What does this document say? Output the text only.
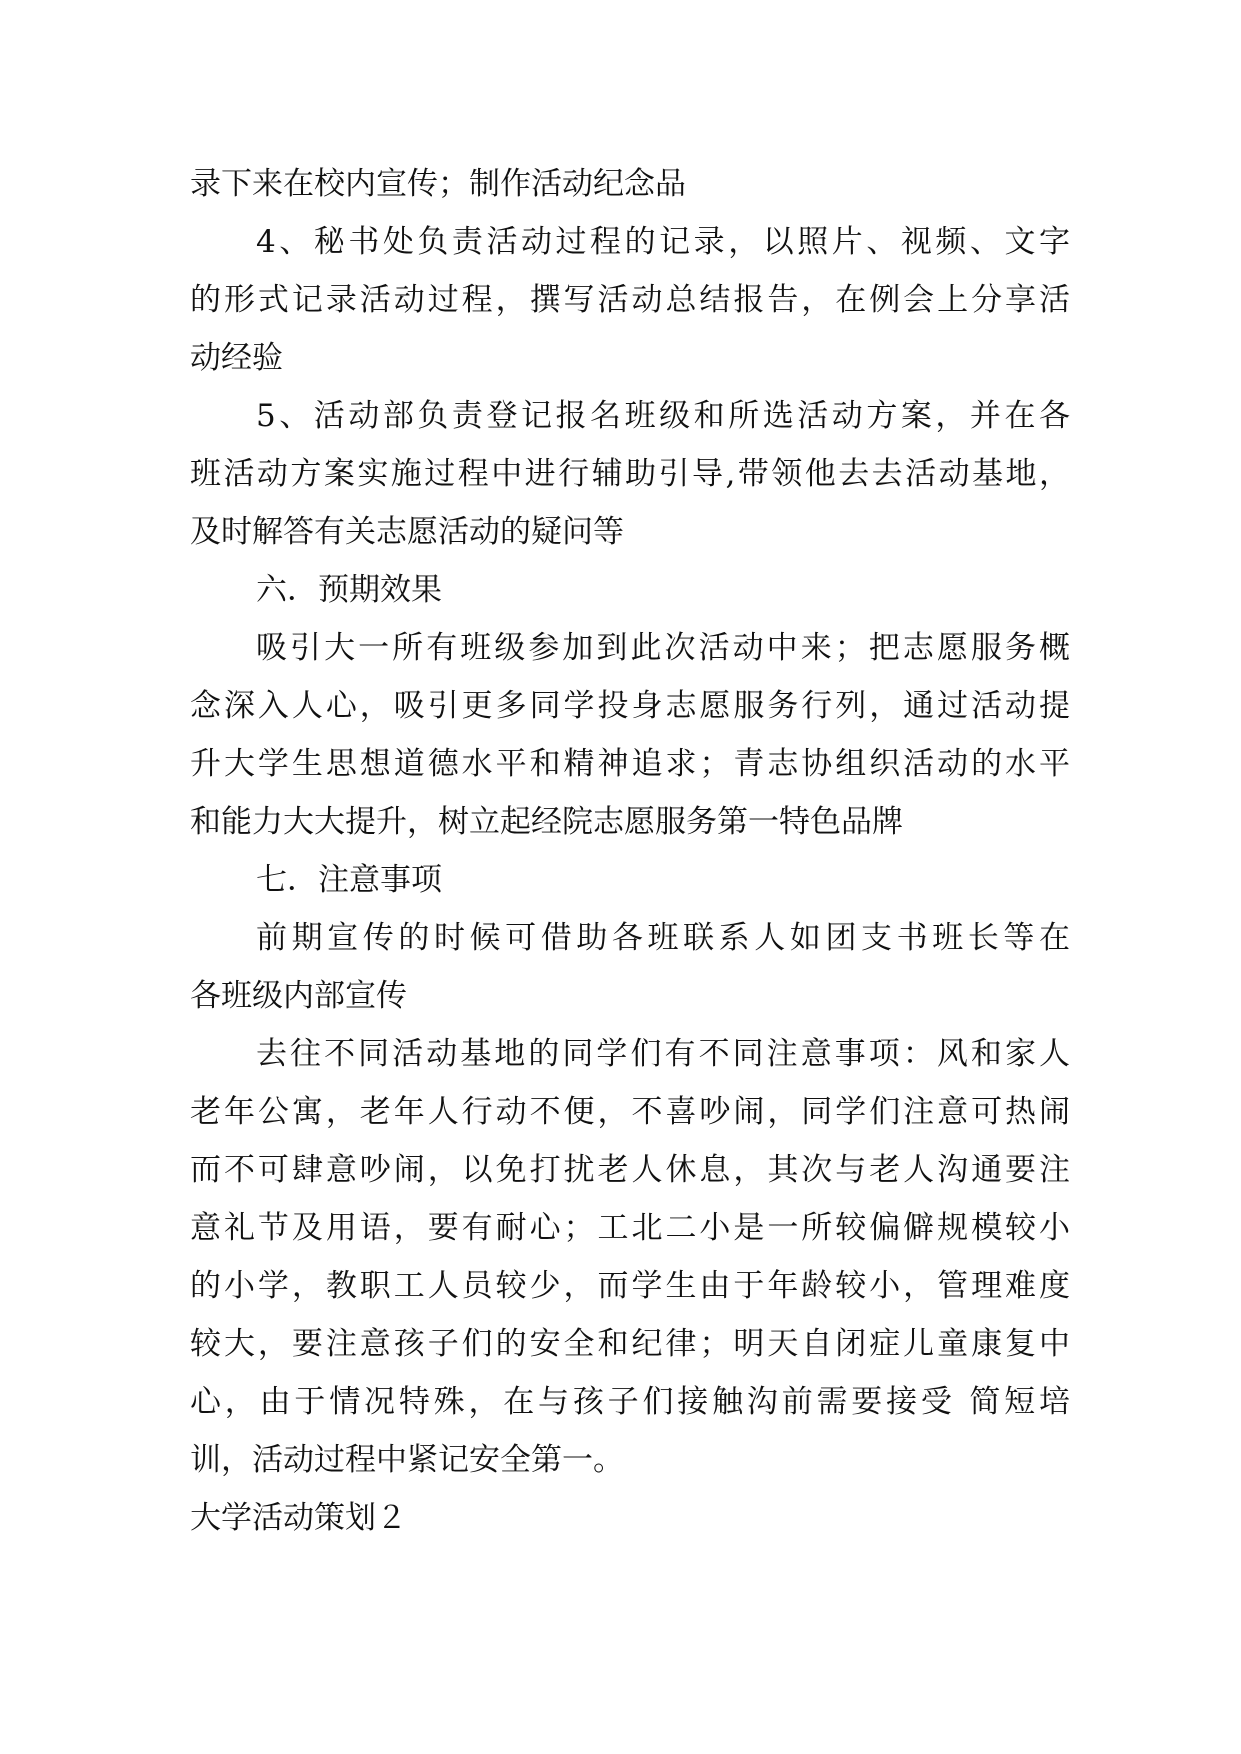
录下来在校内宣传；制作活动纪念品
4、秘书处负责活动过程的记录，以照片、视频、文字
的形式记录活动过程，撰写活动总结报告，在例会上分享活
动经验
5、活动部负责登记报名班级和所选活动方案，并在各
班活动方案实施过程中进行辅助引导,带领他去去活动基地，
及时解答有关志愿活动的疑问等
六．预期效果
吸引大一所有班级参加到此次活动中来；把志愿服务概
念深入人心，吸引更多同学投身志愿服务行列，通过活动提
升大学生思想道德水平和精神追求；青志协组织活动的水平
和能力大大提升，树立起经院志愿服务第一特色品牌
七．注意事项
前期宣传的时候可借助各班联系人如团支书班长等在
各班级内部宣传
去往不同活动基地的同学们有不同注意事项：风和家人
老年公寓，老年人行动不便，不喜吵闹，同学们注意可热闹
而不可肆意吵闹，以免打扰老人休息，其次与老人沟通要注
意礼节及用语，要有耐心；工北二小是一所较偏僻规模较小
的小学，教职工人员较少，而学生由于年龄较小，管理难度
较大，要注意孩子们的安全和纪律；明天自闭症儿童康复中
心，由于情况特殊，在与孩子们接触沟前需要接受 简短培
训，活动过程中紧记安全第一。
大学活动策划２
